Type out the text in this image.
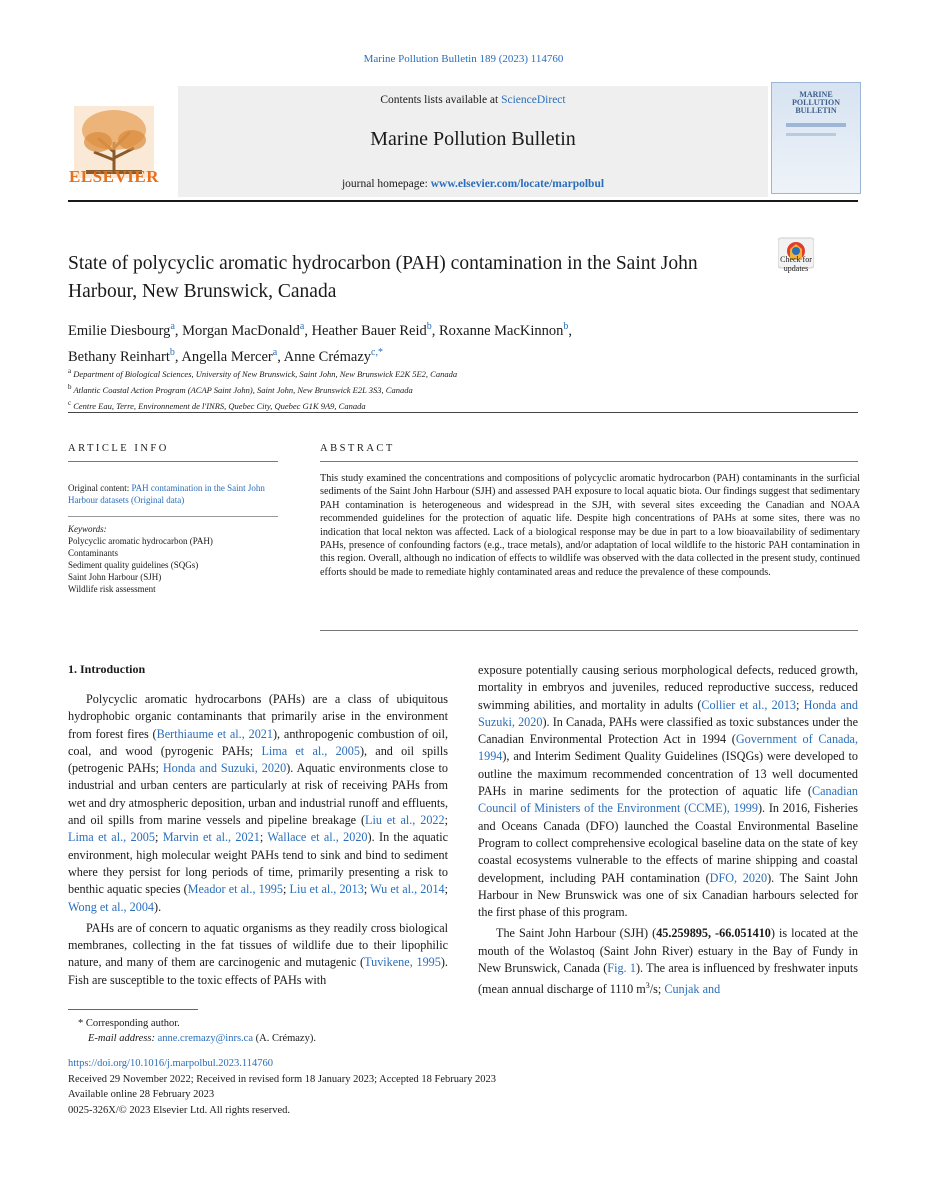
Marine Pollution Bulletin 189 (2023) 114760
ELSEVIER
Contents lists available at ScienceDirect
Marine Pollution Bulletin
journal homepage: www.elsevier.com/locate/marpolbul
MARINE POLLUTION BULLETIN
State of polycyclic aromatic hydrocarbon (PAH) contamination in the Saint John Harbour, New Brunswick, Canada
Check for updates
Emilie Diesbourg$^a$, Morgan MacDonald$^a$, Heather Bauer Reid$^b$, Roxanne MacKinnon$^b$,
Bethany Reinhart$^b$, Angella Mercer$^a$, Anne Crémazy$^{c,*}$
$^a$ Department of Biological Sciences, University of New Brunswick, Saint John, New Brunswick E2K 5E2, Canada
$^b$ Atlantic Coastal Action Program (ACAP Saint John), Saint John, New Brunswick E2L 3S3, Canada
$^c$ Centre Eau, Terre, Environnement de l'INRS, Quebec City, Quebec G1K 9A9, Canada
ARTICLE INFO	ABSTRACT
Original content: PAH contamination in the Saint John Harbour datasets (Original data)
Keywords:
Polycyclic aromatic hydrocarbon (PAH)
Contaminants
Sediment quality guidelines (SQGs)
Saint John Harbour (SJH)
Wildlife risk assessment
This study examined the concentrations and compositions of polycyclic aromatic hydrocarbon (PAH) contaminants in the surficial sediments of the Saint John Harbour (SJH) and assessed PAH exposure to local aquatic biota. Our findings suggest that sedimentary PAH contamination is heterogeneous and widespread in the SJH, with several sites exceeding the Canadian and NOAA recommended guidelines for the protection of aquatic life. Despite high concentrations of PAHs at some sites, there was no indication that local nekton was affected. Lack of a biological response may be due in part to a low bioavailability of sedimentary PAHs, presence of confounding factors (e.g., trace metals), and/or adaptation of local wildlife to the historic PAH contamination in this region. Overall, although no indication of effects to wildlife was observed with the data collected in the present study, continued efforts should be made to remediate highly contaminated areas and reduce the prevalence of these compounds.
1. Introduction

Polycyclic aromatic hydrocarbons (PAHs) are a class of ubiquitous hydrophobic organic contaminants that primarily arise in the environment from forest fires (Berthiaume et al., 2021), anthropogenic combustion of oil, coal, and wood (pyrogenic PAHs; Lima et al., 2005), and oil spills (petrogenic PAHs; Honda and Suzuki, 2020). Aquatic environments close to industrial and urban centers are particularly at risk of receiving PAHs from wet and dry atmospheric deposition, urban and industrial runoff and effluents, and oil spills from marine vessels and pipeline breakage (Liu et al., 2022; Lima et al., 2005; Marvin et al., 2021; Wallace et al., 2020). In the aquatic environment, high molecular weight PAHs tend to sink and bind to sediment where they persist for long periods of time, primarily presenting a risk to benthic aquatic species (Meador et al., 1995; Liu et al., 2013; Wu et al., 2014; Wong et al., 2004).

PAHs are of concern to aquatic organisms as they readily cross biological membranes, collecting in the fat tissues of wildlife due to their lipophilic nature, and many of them are carcinogenic and mutagenic (Tuvikene, 1995). Fish are susceptible to the toxic effects of PAHs with

exposure potentially causing serious morphological defects, reduced growth, mortality in embryos and juveniles, reduced reproductive success, reduced swimming abilities, and mortality in adults (Collier et al., 2013; Honda and Suzuki, 2020). In Canada, PAHs were classified as toxic substances under the Canadian Environmental Protection Act in 1994 (Government of Canada, 1994), and Interim Sediment Quality Guidelines (ISQGs) were developed to outline the maximum recommended concentration of 13 well documented PAHs in marine sediments for the protection of aquatic life (Canadian Council of Ministers of the Environment (CCME), 1999). In 2016, Fisheries and Oceans Canada (DFO) launched the Coastal Environmental Baseline Program to collect comprehensive ecological baseline data on the state of key coastal ecosystems vulnerable to the effects of marine shipping and coastal development, including PAH contamination (DFO, 2020). The Saint John Harbour in New Brunswick was one of six Canadian harbours selected for the first phase of this program.

The Saint John Harbour (SJH) (45.259895, -66.051410) is located at the mouth of the Wolastoq (Saint John River) estuary in the Bay of Fundy in New Brunswick, Canada (Fig. 1). The area is influenced by freshwater inputs (mean annual discharge of 1110 $m^3/s$; Cunjak and

* Corresponding author.
E-mail address: anne.cremazy@inrs.ca (A. Crémazy).
https://doi.org/10.1016/j.marpolbul.2023.114760
Received 29 November 2022; Received in revised form 18 January 2023; Accepted 18 February 2023
Available online 28 February 2023
0025-326X/© 2023 Elsevier Ltd. All rights reserved.
